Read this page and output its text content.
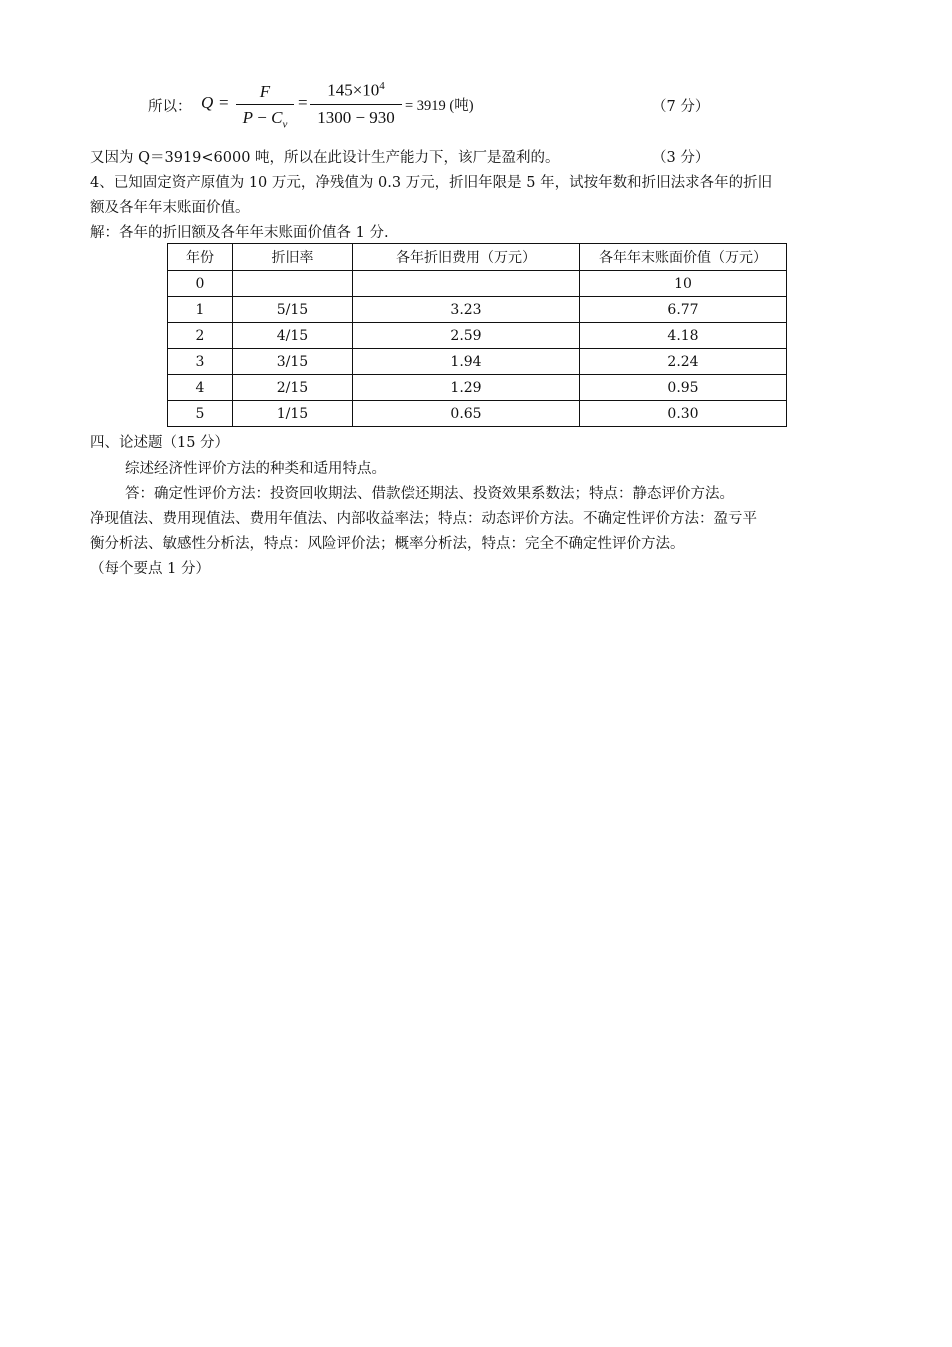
所以： Q =
F
$P - C_v$
=
$145\times 10^4$
1300 − 930
= 3919 (吨)	（7 分）
又因为 Q＝3919<6000 吨，所以在此设计生产能力下，该厂是盈利的。	（3 分）
4、已知固定资产原值为 10 万元，净残值为 0.3 万元，折旧年限是 5 年，试按年数和折旧法求各年的折旧
额及各年年末账面价值。
解：各年的折旧额及各年年末账面价值各 1 分.
年份	折旧率	各年折旧费用（万元）	各年年末账面价值（万元）
0			10
1	5/15	3.23	6.77
2	4/15	2.59	4.18
3	3/15	1.94	2.24
4	2/15	1.29	0.95
5	1/15	0.65	0.30
四、论述题（15 分）
综述经济性评价方法的种类和适用特点。
答：确定性评价方法：投资回收期法、借款偿还期法、投资效果系数法；特点：静态评价方法。
净现值法、费用现值法、费用年值法、内部收益率法；特点：动态评价方法。不确定性评价方法：盈亏平
衡分析法、敏感性分析法，特点：风险评价法；概率分析法，特点：完全不确定性评价方法。
（每个要点 1 分）
